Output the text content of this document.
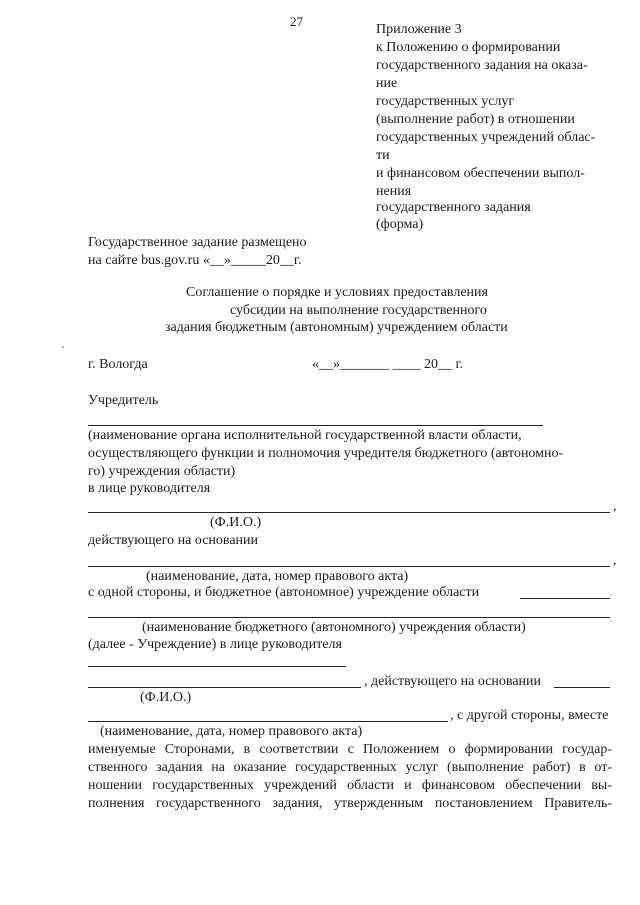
27
Приложение 3
к Положению о формировании
государственного задания на оказа-
ние
государственных услуг
(выполнение работ) в отношении
государственных учреждений облас-
ти
и финансовом обеспечении выпол-
нения
государственного задания
(форма)
Государственное задание размещено
на сайте bus.gov.ru «__»_____20__г.
Соглашение о порядке и условиях предоставления
субсидии на выполнение государственного
задания бюджетным (автономным) учреждением области
г. Вологда	«__»_______ ____ 20__ г.
Учредитель
(наименование органа исполнительной государственной власти области,
осуществляющего функции и полномочия учредителя бюджетного (автономно-
го) учреждения области)
в лице руководителя
,
(Ф.И.О.)
действующего на основании
,
(наименование, дата, номер правового акта)
с одной стороны, и бюджетное (автономное) учреждение области
(наименование бюджетного (автономного) учреждения области)
(далее - Учреждение) в лице руководителя
, действующего на основании
(Ф.И.О.)
, с другой стороны, вместе
(наименование, дата, номер правового акта)
именуемые Сторонами, в соответствии с Положением о формировании государ-
ственного задания на оказание государственных услуг (выполнение работ) в от-
ношении государственных учреждений области и финансовом обеспечении вы-
полнения государственного задания, утвержденным постановлением Правитель-
